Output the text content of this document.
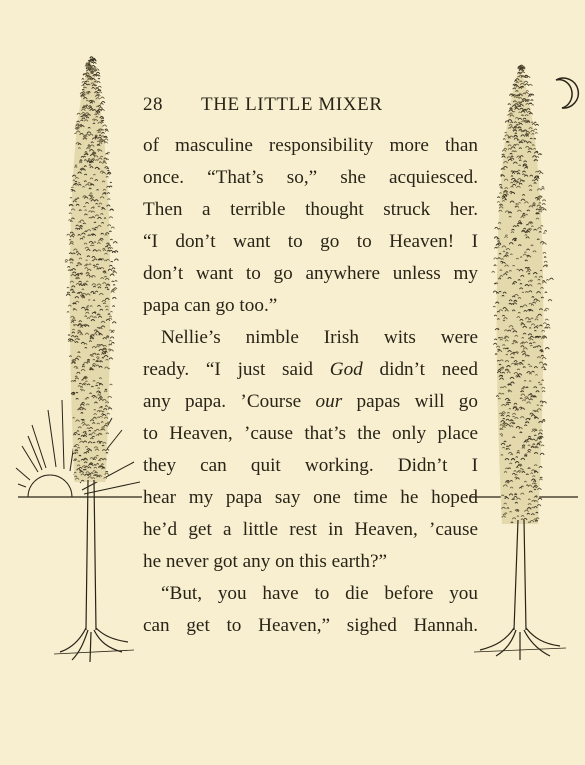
28 THE LITTLE MIXER
of masculine responsibility more than
once. “That’s so,” she acquiesced.
Then a terrible thought struck her.
“I don’t want to go to Heaven! I
don’t want to go anywhere unless my
papa can go too.”
Nellie’s nimble Irish wits were
ready. “I just said God didn’t need
any papa. ’Course our papas will go
to Heaven, ’cause that’s the only place
they can quit working. Didn’t I
hear my papa say one time he hoped
he’d get a little rest in Heaven, ’cause
he never got any on this earth?”
“But, you have to die before you
can get to Heaven,” sighed Hannah.
